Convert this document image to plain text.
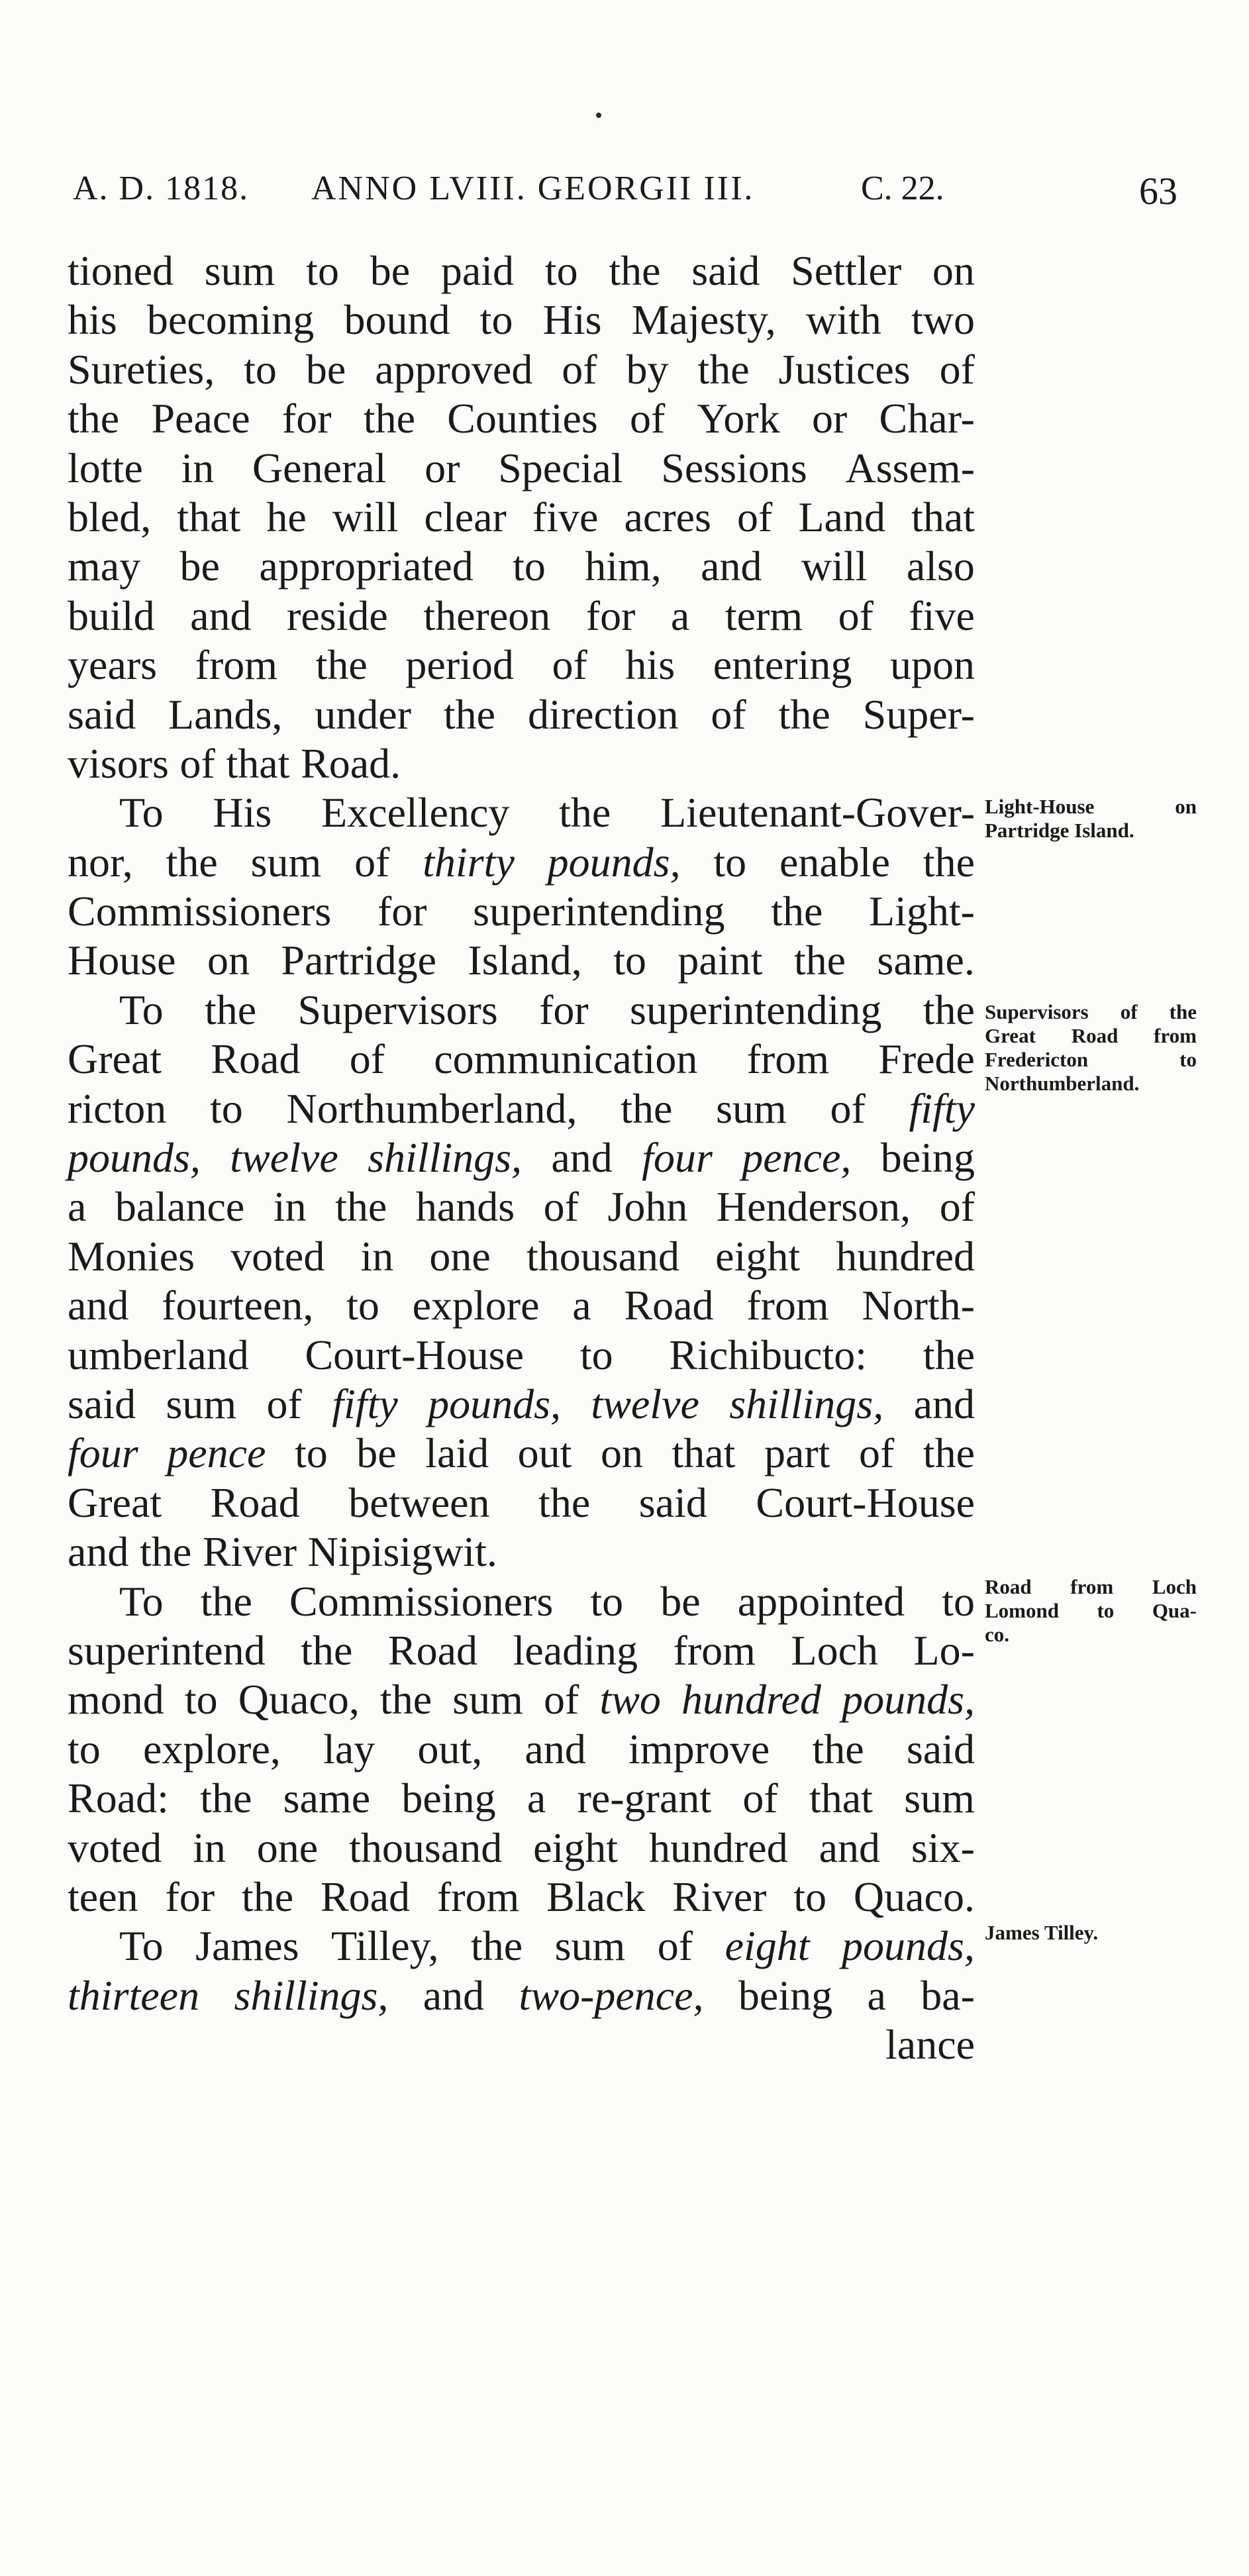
A. D. 1818. ANNO LVIII. GEORGII III.	C. 22.	63
tioned sum to be paid to the said Settler on
his becoming bound to His Majesty, with two
Sureties, to be approved of by the Justices of
the Peace for the Counties of York or Char-
lotte in General or Special Sessions Assem-
bled, that he will clear five acres of Land that
may be appropriated to him, and will also
build and reside thereon for a term of five
years from the period of his entering upon
said Lands, under the direction of the Super-
visors of that Road.
To His Excellency the Lieutenant-Gover-
nor, the sum of thirty pounds, to enable the
Commissioners for superintending the Light-
House on Partridge Island, to paint the same.
To the Supervisors for superintending the
Great Road of communication from Frede
ricton to Northumberland, the sum of fifty
pounds, twelve shillings, and four pence, being
a balance in the hands of John Henderson, of
Monies voted in one thousand eight hundred
and fourteen, to explore a Road from North-
umberland Court-House to Richibucto: the
said sum of fifty pounds, twelve shillings, and
four pence to be laid out on that part of the
Great Road between the said Court-House
and the River Nipisigwit.
To the Commissioners to be appointed to
superintend the Road leading from Loch Lo-
mond to Quaco, the sum of two hundred pounds,
to explore, lay out, and improve the said
Road: the same being a re-grant of that sum
voted in one thousand eight hundred and six-
teen for the Road from Black River to Quaco.
To James Tilley, the sum of eight pounds,
thirteen shillings, and two-pence, being a ba-
lance
Light-House	on
Partridge Island.
Supervisors of the
Great Road from
Fredericton	to
Northumberland.
Road from Loch
Lomond to Qua-
co.
James Tilley.
